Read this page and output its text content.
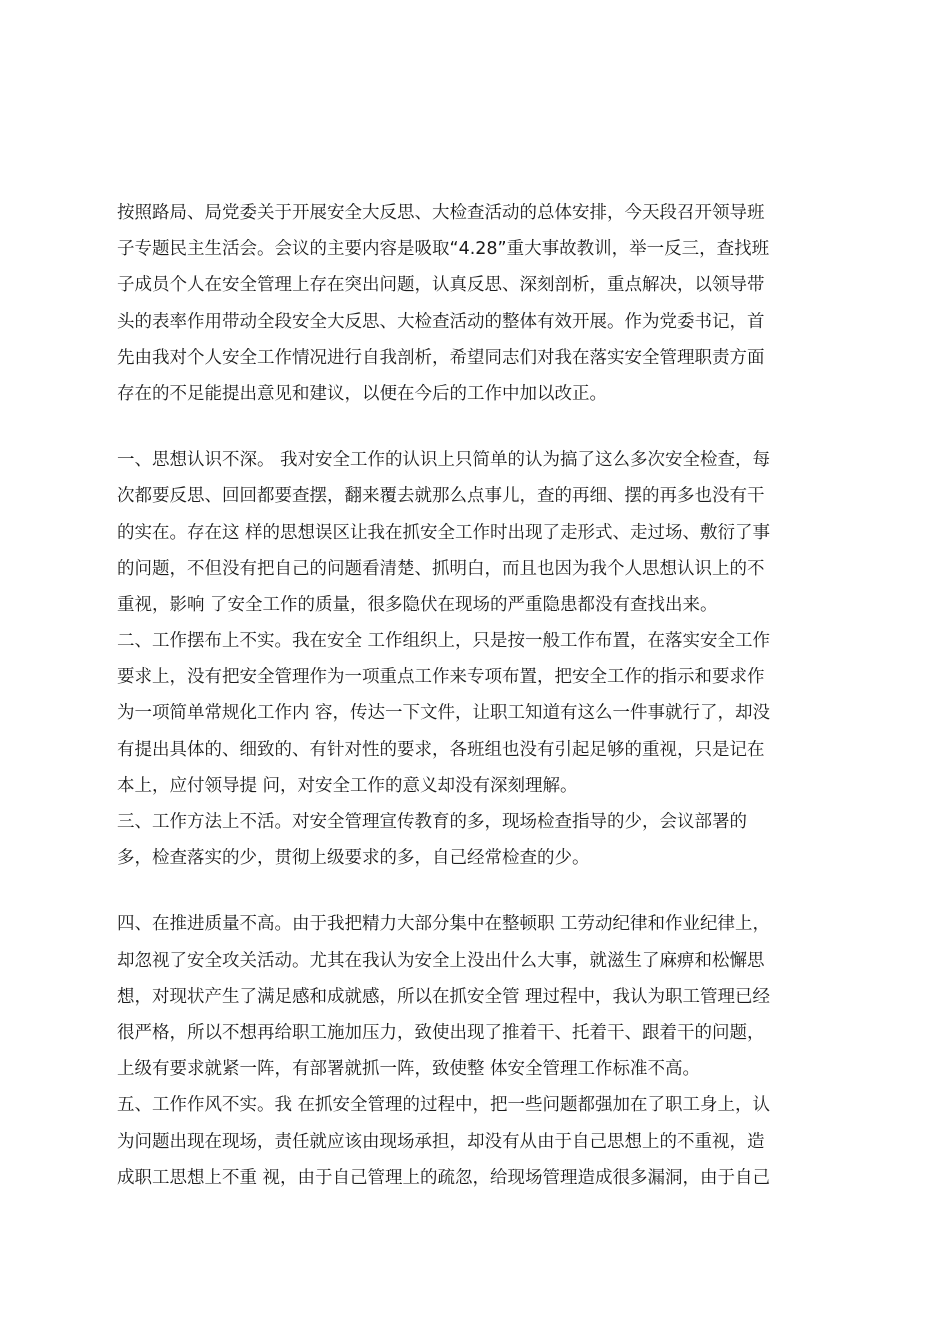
按照路局、局党委关于开展安全大反思、大检查活动的总体安排，今天段召开领导班
子专题民主生活会。会议的主要内容是吸取“4.28”重大事故教训，举一反三，查找班
子成员个人在安全管理上存在突出问题，认真反思、深刻剖析，重点解决，以领导带
头的表率作用带动全段安全大反思、大检查活动的整体有效开展。作为党委书记，首
先由我对个人安全工作情况进行自我剖析，希望同志们对我在落实安全管理职责方面
存在的不足能提出意见和建议，以便在今后的工作中加以改正。
一、思想认识不深。 我对安全工作的认识上只简单的认为搞了这么多次安全检查，每
次都要反思、回回都要查摆，翻来覆去就那么点事儿，查的再细、摆的再多也没有干
的实在。存在这 样的思想误区让我在抓安全工作时出现了走形式、走过场、敷衍了事
的问题，不但没有把自己的问题看清楚、抓明白，而且也因为我个人思想认识上的不
重视，影响 了安全工作的质量，很多隐伏在现场的严重隐患都没有查找出来。
二、工作摆布上不实。我在安全 工作组织上，只是按一般工作布置，在落实安全工作
要求上，没有把安全管理作为一项重点工作来专项布置，把安全工作的指示和要求作
为一项简单常规化工作内 容，传达一下文件，让职工知道有这么一件事就行了，却没
有提出具体的、细致的、有针对性的要求，各班组也没有引起足够的重视，只是记在
本上，应付领导提 问，对安全工作的意义却没有深刻理解。
三、工作方法上不活。对安全管理宣传教育的多，现场检查指导的少，会议部署的
多，检查落实的少，贯彻上级要求的多，自己经常检查的少。
四、在推进质量不高。由于我把精力大部分集中在整顿职 工劳动纪律和作业纪律上，
却忽视了安全攻关活动。尤其在我认为安全上没出什么大事，就滋生了麻痹和松懈思
想，对现状产生了满足感和成就感，所以在抓安全管 理过程中，我认为职工管理已经
很严格，所以不想再给职工施加压力，致使出现了推着干、托着干、跟着干的问题，
上级有要求就紧一阵，有部署就抓一阵，致使整 体安全管理工作标准不高。
五、工作作风不实。我 在抓安全管理的过程中，把一些问题都强加在了职工身上，认
为问题出现在现场，责任就应该由现场承担，却没有从由于自己思想上的不重视，造
成职工思想上不重 视，由于自己管理上的疏忽，给现场管理造成很多漏洞，由于自己
